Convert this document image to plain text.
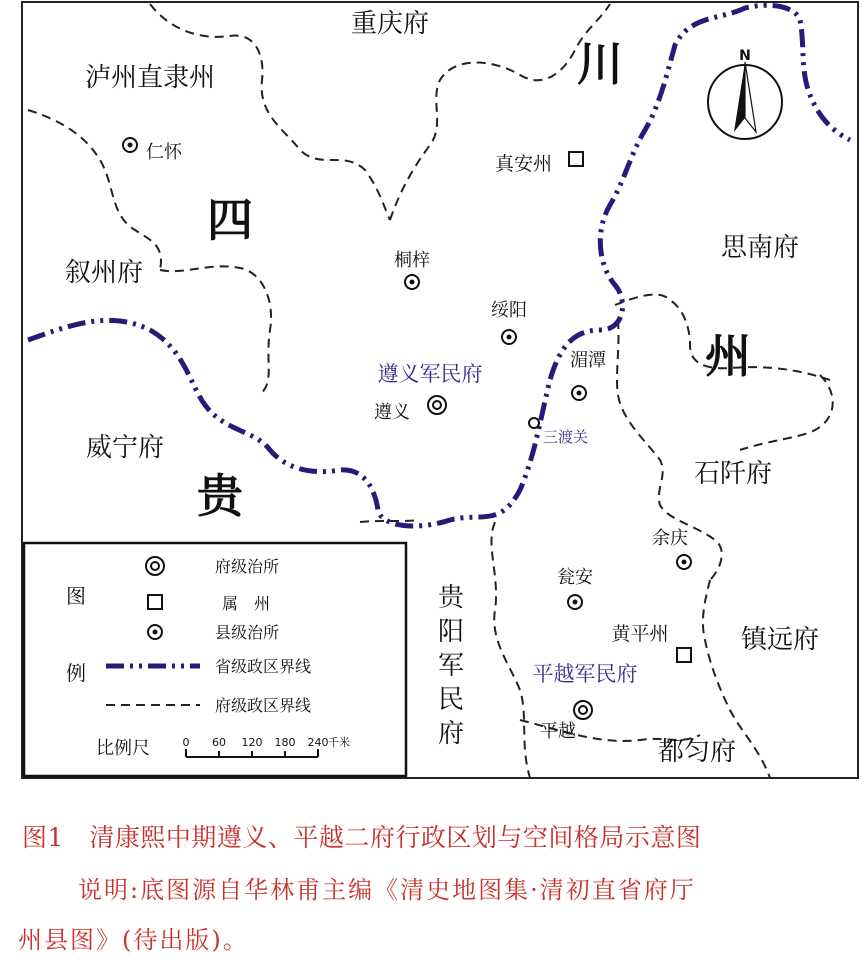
N
四
川
贵
州
重庆府
泸州直隶州
叙州府
威宁府
思南府
石阡府
镇远府
都匀府
遵义军民府
平越军民府
贵
阳
军
民
府
仁怀
桐梓
绥阳
遵义
湄潭
三渡关
真安州
余庆
瓮安
黄平州
平越
图
例
府级治所
属　州
县级治所
省级政区界线
府级政区界线
比例尺	0 60 120 180 240 千米
图1　清康熙中期遵义、平越二府行政区划与空间格局示意图
说明:底图源自华林甫主编《清史地图集·清初直省府厅
州县图》(待出版)。
